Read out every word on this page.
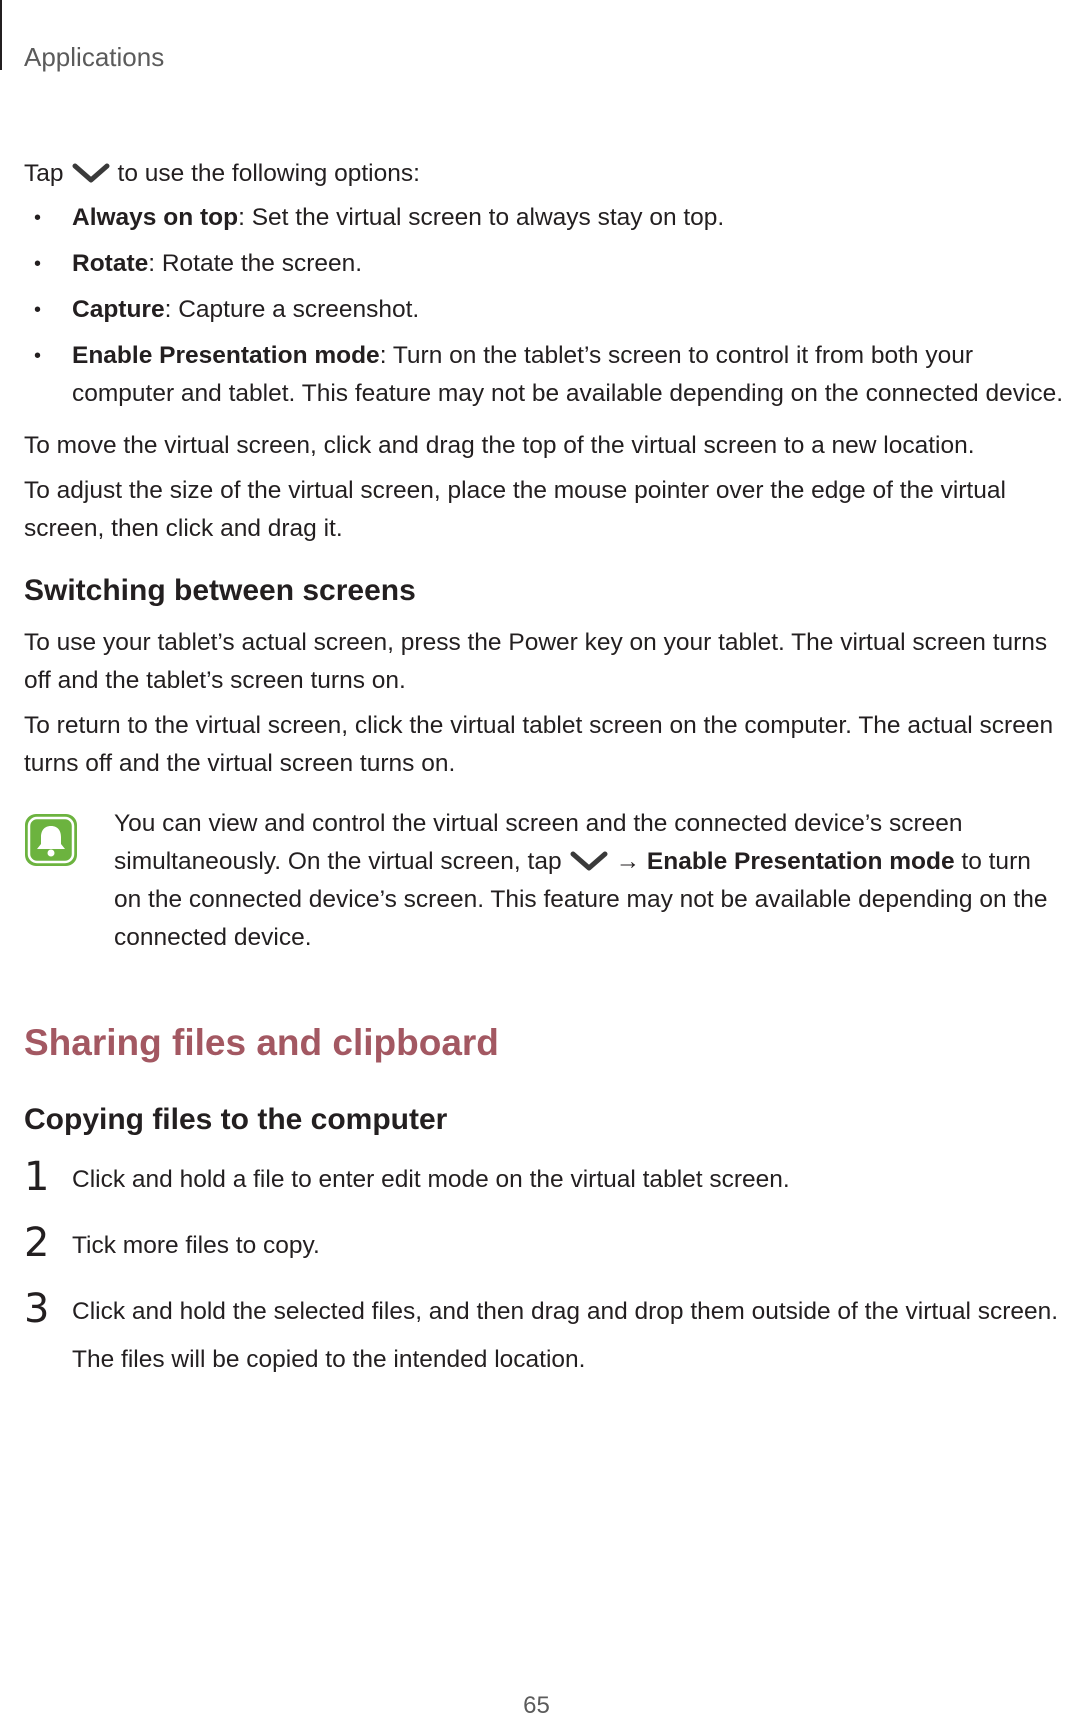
Applications

Tap to use the following options:

• Always on top: Set the virtual screen to always stay on top.
• Rotate: Rotate the screen.
• Capture: Capture a screenshot.
• Enable Presentation mode: Turn on the tablet’s screen to control it from both your computer and tablet. This feature may not be available depending on the connected device.

To move the virtual screen, click and drag the top of the virtual screen to a new location.

To adjust the size of the virtual screen, place the mouse pointer over the edge of the virtual screen, then click and drag it.

Switching between screens

To use your tablet’s actual screen, press the Power key on your tablet. The virtual screen turns off and the tablet’s screen turns on.

To return to the virtual screen, click the virtual tablet screen on the computer. The actual screen turns off and the virtual screen turns on.

You can view and control the virtual screen and the connected device’s screen simultaneously. On the virtual screen, tap → Enable Presentation mode to turn on the connected device’s screen. This feature may not be available depending on the connected device.

Sharing files and clipboard
Copying files to the computer
1 Click and hold a file to enter edit mode on the virtual tablet screen.
2 Tick more files to copy.
3 Click and hold the selected files, and then drag and drop them outside of the virtual screen.

The files will be copied to the intended location.

65
